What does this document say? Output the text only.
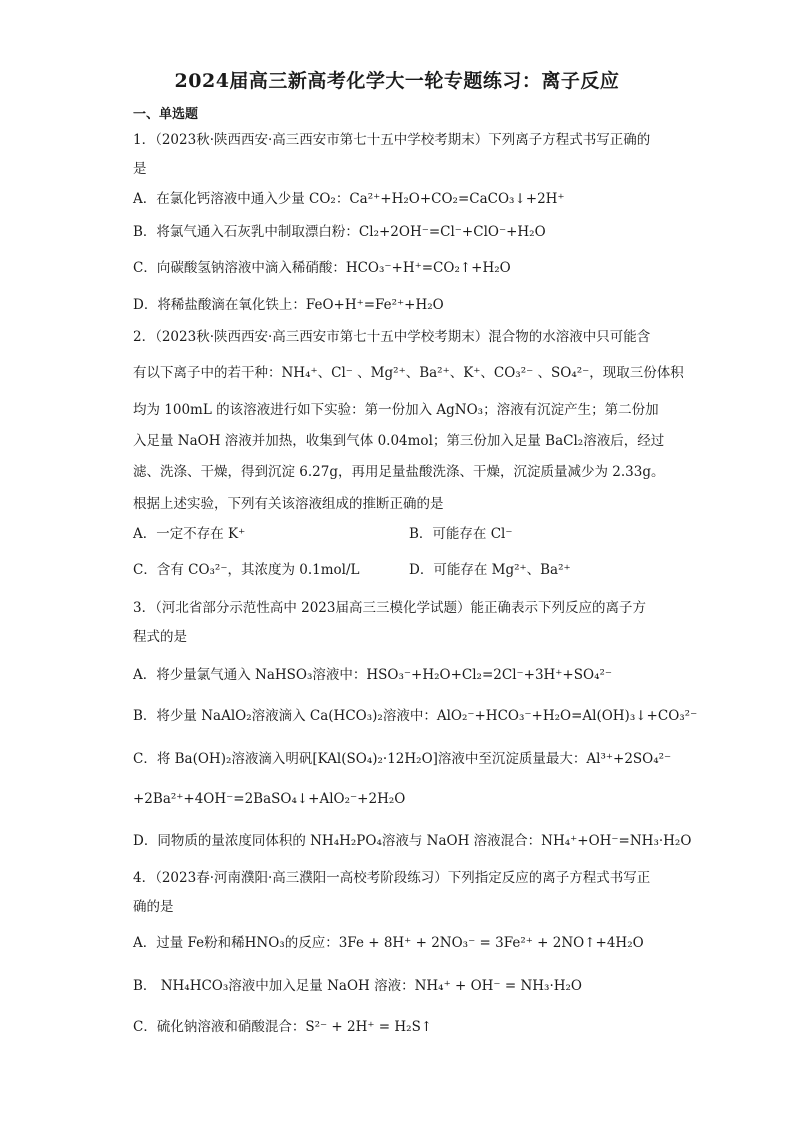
2024届高三新高考化学大一轮专题练习：离子反应
一、单选题
1．（2023秋·陕西西安·高三西安市第七十五中学校考期末）下列离子方程式书写正确的
是
A．在氯化钙溶液中通入少量 CO₂：Ca²⁺+H₂O+CO₂=CaCO₃↓+2H⁺
B．将氯气通入石灰乳中制取漂白粉：Cl₂+2OH⁻=Cl⁻+ClO⁻+H₂O
C．向碳酸氢钠溶液中滴入稀硝酸：HCO₃⁻+H⁺=CO₂↑+H₂O
D．将稀盐酸滴在氧化铁上：FeO+H⁺=Fe²⁺+H₂O
2．（2023秋·陕西西安·高三西安市第七十五中学校考期末）混合物的水溶液中只可能含
有以下离子中的若干种：NH₄⁺、Cl⁻ 、Mg²⁺、Ba²⁺、K⁺、CO₃²⁻ 、SO₄²⁻，现取三份体积
均为 100mL 的该溶液进行如下实验：第一份加入 AgNO₃；溶液有沉淀产生；第二份加
入足量 NaOH 溶液并加热，收集到气体 0.04mol；第三份加入足量 BaCl₂溶液后，经过
滤、洗涤、干燥，得到沉淀 6.27g，再用足量盐酸洗涤、干燥，沉淀质量减少为 2.33g。
根据上述实验，下列有关该溶液组成的推断正确的是
A．一定不存在 K⁺	B．可能存在 Cl⁻
C．含有 CO₃²⁻，其浓度为 0.1mol/L	D．可能存在 Mg²⁺、Ba²⁺
3．（河北省部分示范性高中 2023届高三三模化学试题）能正确表示下列反应的离子方
程式的是
A．将少量氯气通入 NaHSO₃溶液中：HSO₃⁻+H₂O+Cl₂=2Cl⁻+3H⁺+SO₄²⁻
B．将少量 NaAlO₂溶液滴入 Ca(HCO₃)₂溶液中：AlO₂⁻+HCO₃⁻+H₂O=Al(OH)₃↓+CO₃²⁻
C．将 Ba(OH)₂溶液滴入明矾[KAl(SO₄)₂·12H₂O]溶液中至沉淀质量最大：Al³⁺+2SO₄²⁻
+2Ba²⁺+4OH⁻=2BaSO₄↓+AlO₂⁻+2H₂O
D．同物质的量浓度同体积的 NH₄H₂PO₄溶液与 NaOH 溶液混合：NH₄⁺+OH⁻=NH₃·H₂O
4．（2023春·河南濮阳·高三濮阳一高校考阶段练习）下列指定反应的离子方程式书写正
确的是
A．过量 Fe粉和稀HNO₃的反应：3Fe + 8H⁺ + 2NO₃⁻ = 3Fe²⁺ + 2NO↑+4H₂O
B． NH₄HCO₃溶液中加入足量 NaOH 溶液：NH₄⁺ + OH⁻ = NH₃·H₂O
C．硫化钠溶液和硝酸混合：S²⁻ + 2H⁺ = H₂S↑
